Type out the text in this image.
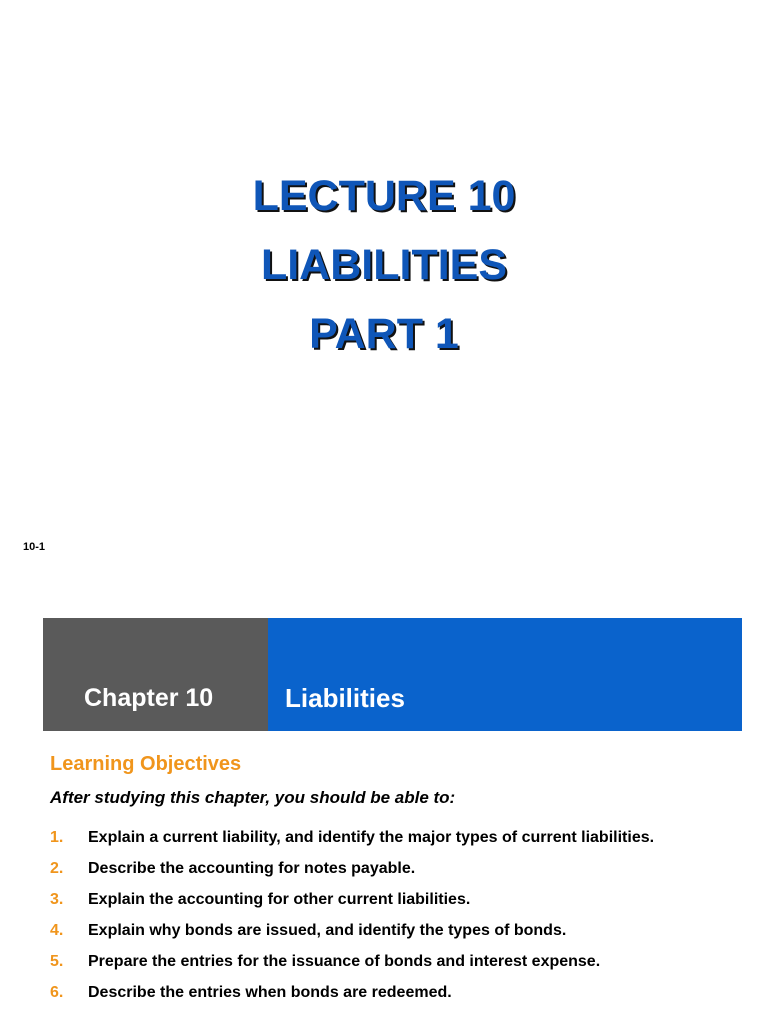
LECTURE 10
LIABILITIES
PART 1
10-1
Chapter 10	Liabilities
Learning Objectives
After studying this chapter, you should be able to:
1.	Explain a current liability, and identify the major types of current liabilities.
2.	Describe the accounting for notes payable.
3.	Explain the accounting for other current liabilities.
4.	Explain why bonds are issued, and identify the types of bonds.
5.	Prepare the entries for the issuance of bonds and interest expense.
6.	Describe the entries when bonds are redeemed.
